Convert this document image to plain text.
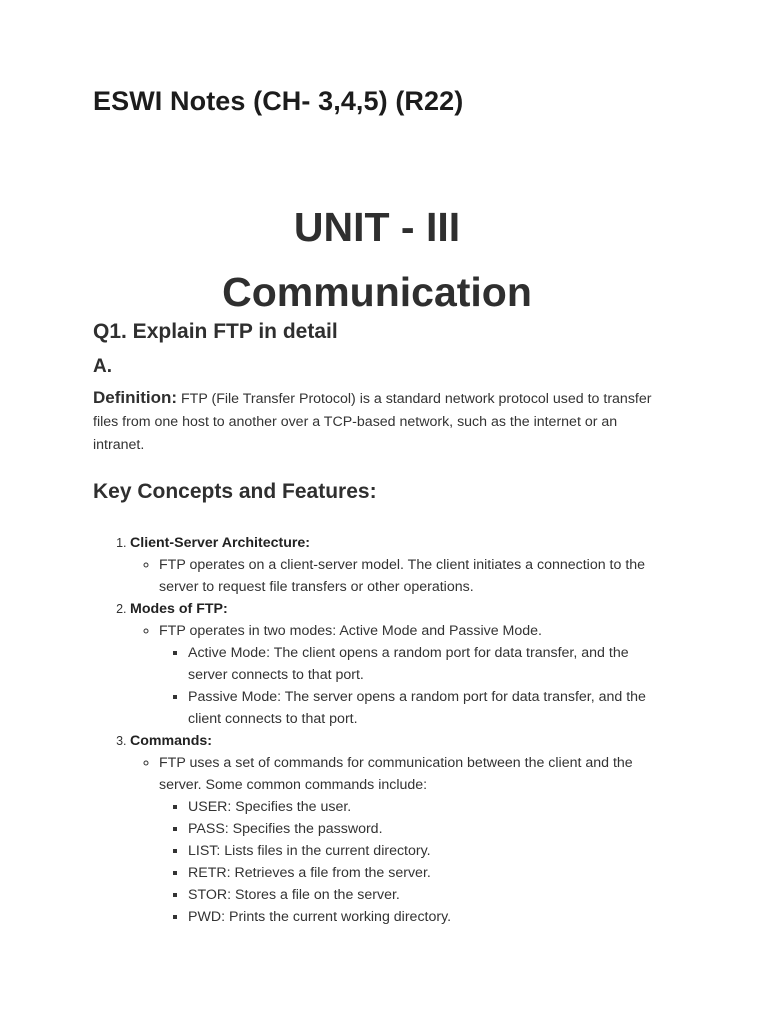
ESWI Notes (CH- 3,4,5) (R22)
UNIT - III
Communication
Q1. Explain FTP in detail
A.

Definition: FTP (File Transfer Protocol) is a standard network protocol used to transfer files from one host to another over a TCP-based network, such as the internet or an intranet.

Key Concepts and Features:
1. Client-Server Architecture:
◦ FTP operates on a client-server model. The client initiates a connection to the server to request file transfers or other operations.
2. Modes of FTP:
◦ FTP operates in two modes: Active Mode and Passive Mode.
▪ Active Mode: The client opens a random port for data transfer, and the server connects to that port.
▪ Passive Mode: The server opens a random port for data transfer, and the client connects to that port.
3. Commands:
◦ FTP uses a set of commands for communication between the client and the server. Some common commands include:
▪ USER: Specifies the user.
▪ PASS: Specifies the password.
▪ LIST: Lists files in the current directory.
▪ RETR: Retrieves a file from the server.
▪ STOR: Stores a file on the server.
▪ PWD: Prints the current working directory.
